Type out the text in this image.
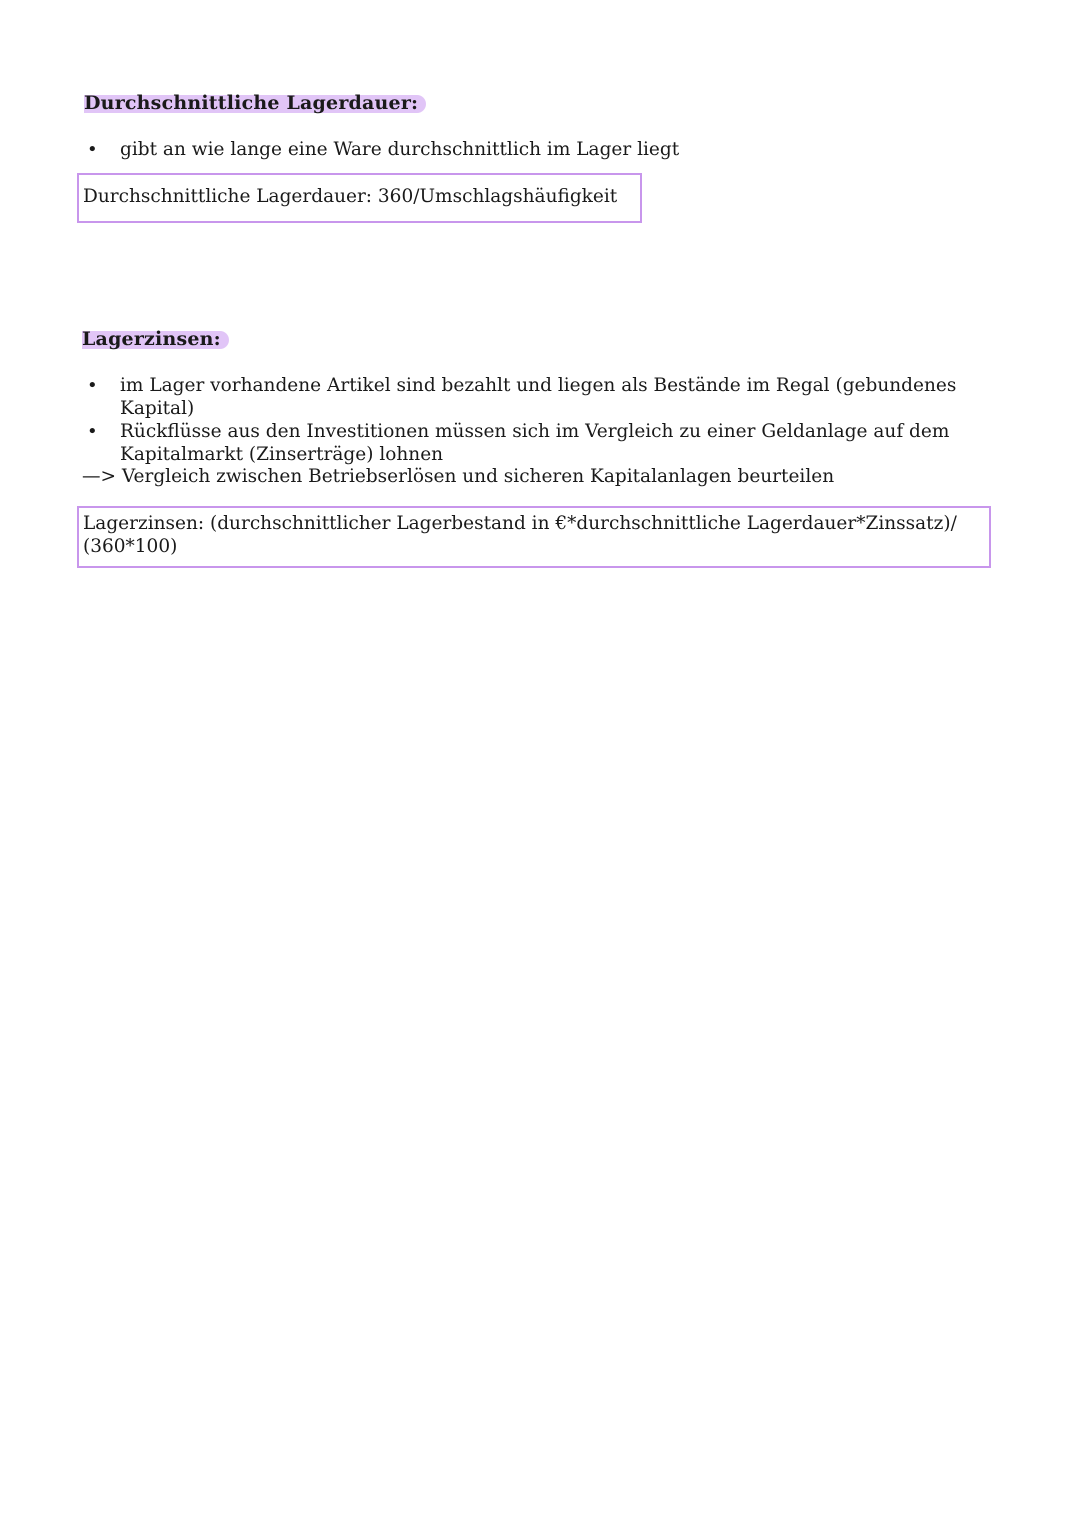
Durchschnittliche Lagerdauer:
• gibt an wie lange eine Ware durchschnittlich im Lager liegt
Durchschnittliche Lagerdauer: 360/Umschlagshäufigkeit
Lagerzinsen:
• im Lager vorhandene Artikel sind bezahlt und liegen als Bestände im Regal (gebundenes Kapital)
• Rückflüsse aus den Investitionen müssen sich im Vergleich zu einer Geldanlage auf dem Kapitalmarkt (Zinserträge) lohnen

—> Vergleich zwischen Betriebserlösen und sicheren Kapitalanlagen beurteilen

Lagerzinsen: (durchschnittlicher Lagerbestand in €*durchschnittliche Lagerdauer*Zinssatz)/
(360*100)
